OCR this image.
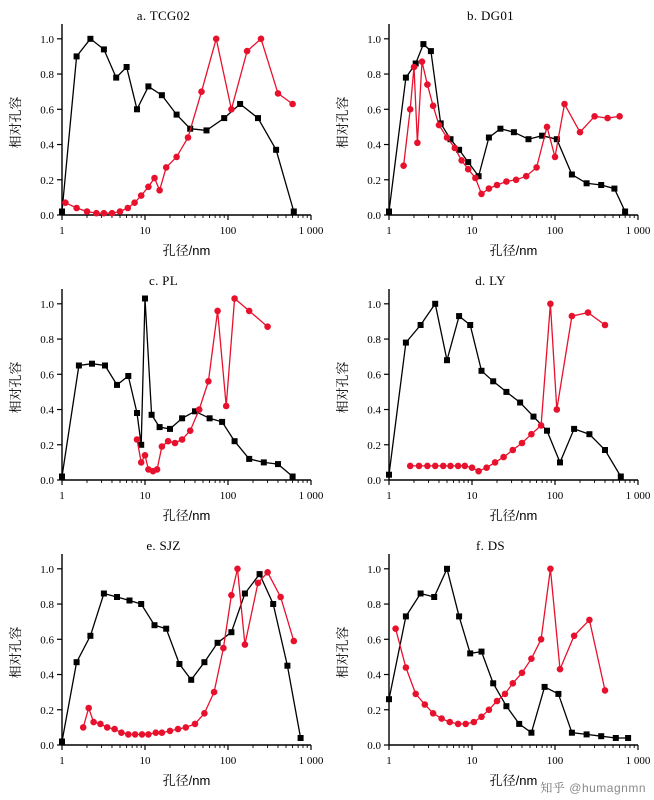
a. TCG02
1	10	100	1 000
0.0
0.2
0.4
0.6
0.8
1.0
孔径/nm
相对孔容
b. DG01
1	10	100	1 000
0.0
0.2
0.4
0.6
0.8
1.0
孔径/nm
相对孔容
c. PL
1	10	100	1 000
0.0
0.2
0.4
0.6
0.8
1.0
孔径/nm
相对孔容
d. LY
1	10	100	1 000
0.0
0.2
0.4
0.6
0.8
1.0
孔径/nm
相对孔容
e. SJZ
1	10	100	1 000
0.0
0.2
0.4
0.6
0.8
1.0
孔径/nm
相对孔容
f. DS
1	10	100	1 000
0.0
0.2
0.4
0.6
0.8
1.0
孔径/nm
相对孔容
知乎 @humagnmn
